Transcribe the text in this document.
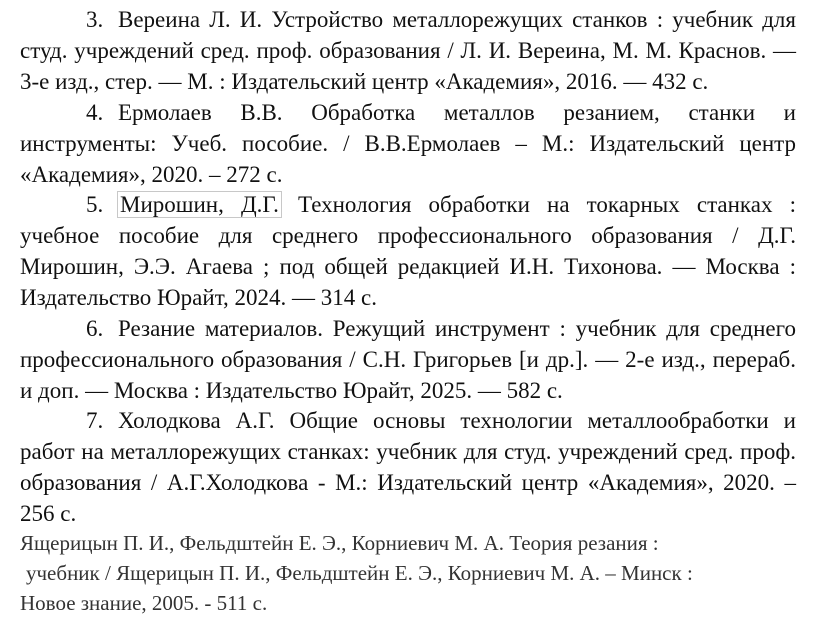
3. Вереина Л. И. Устройство металлорежущих станков : учебник для студ. учреждений сред. проф. образования / Л. И. Вереина, М. М. Краснов. — 3-е изд., стер. — М. : Издательский центр «Академия», 2016. — 432 с.

4. Ермолаев В.В. Обработка металлов резанием, станки и инструменты: Учеб. пособие. / В.В.Ермолаев – М.: Издательский центр «Академия», 2020. – 272 с.

5. Мирошин, Д.Г. Технология обработки на токарных станках : учебное пособие для среднего профессионального образования / Д.Г. Мирошин, Э.Э. Агаева ; под общей редакцией И.Н. Тихонова. — Москва : Издательство Юрайт, 2024. — 314 с.

6. Резание материалов. Режущий инструмент : учебник для среднего профессионального образования / С.Н. Григорьев [и др.]. — 2-е изд., перераб. и доп. — Москва : Издательство Юрайт, 2025. — 582 с.

7. Холодкова А.Г. Общие основы технологии металлообработки и работ на металлорежущих станках: учебник для студ. учреждений сред. проф. образования / А.Г.Холодкова - М.: Издательский центр «Академия», 2020. – 256 с.

Ящерицын П. И., Фельдштейн Е. Э., Корниевич М. А. Теория резания :
учебник / Ящерицын П. И., Фельдштейн Е. Э., Корниевич М. А. – Минск :
Новое знание, 2005. - 511 с.
